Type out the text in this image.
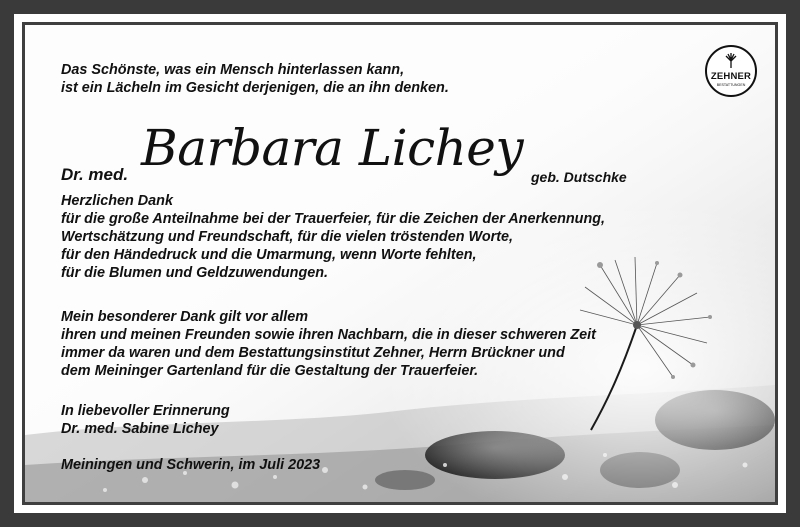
ZEHNER
BESTATTUNGEN

Das Schönste, was ein Mensch hinterlassen kann,
ist ein Lächeln im Gesicht derjenigen, die an ihn denken.

Dr. med. Barbara Lichey geb. Dutschke

Herzlichen Dank
für die große Anteilnahme bei der Trauerfeier, für die Zeichen der Anerkennung,
Wertschätzung und Freundschaft, für die vielen tröstenden Worte,
für den Händedruck und die Umarmung, wenn Worte fehlten,
für die Blumen und Geldzuwendungen.

Mein besonderer Dank gilt vor allem
ihren und meinen Freunden sowie ihren Nachbarn, die in dieser schweren Zeit
immer da waren und dem Bestattungsinstitut Zehner, Herrn Brückner und
dem Meininger Gartenland für die Gestaltung der Trauerfeier.

In liebevoller Erinnerung
Dr. med. Sabine Lichey

Meiningen und Schwerin, im Juli 2023
